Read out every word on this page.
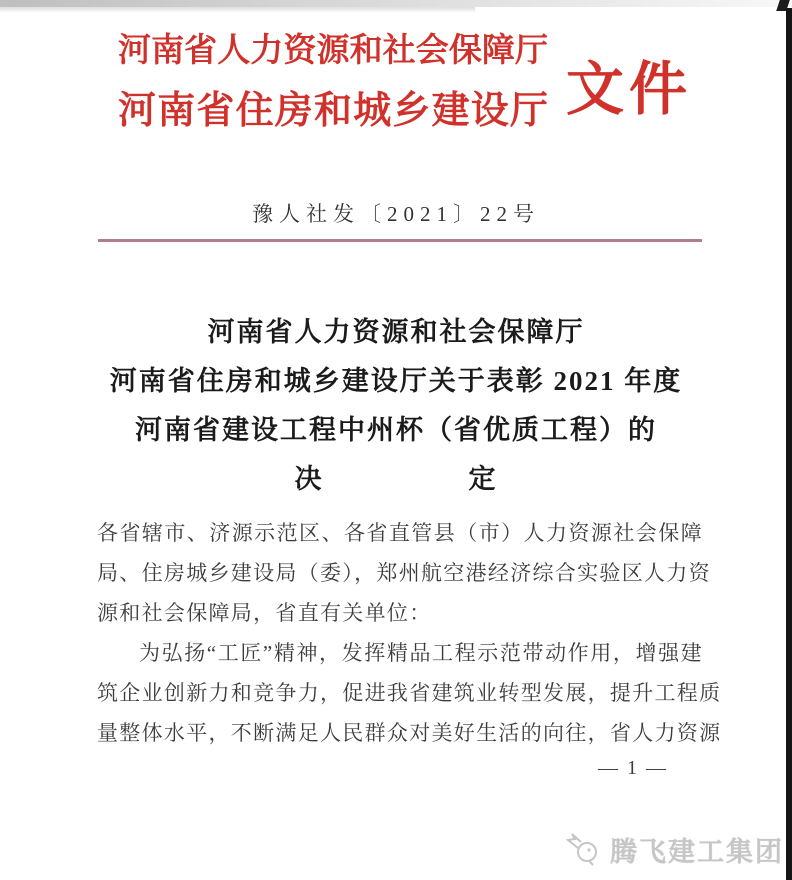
河南省人力资源和社会保障厅
河南省住房和城乡建设厅 文件
豫人社发〔2021〕22号
河南省人力资源和社会保障厅
河南省住房和城乡建设厅关于表彰 2021 年度
河南省建设工程中州杯（省优质工程）的
决　　　　　定
各省辖市、济源示范区、各省直管县（市）人力资源社会保障
局、住房城乡建设局（委），郑州航空港经济综合实验区人力资
源和社会保障局，省直有关单位：
为弘扬“工匠”精神，发挥精品工程示范带动作用，增强建
筑企业创新力和竞争力，促进我省建筑业转型发展，提升工程质
量整体水平，不断满足人民群众对美好生活的向往，省人力资源
— 1 —
腾飞建工集团
